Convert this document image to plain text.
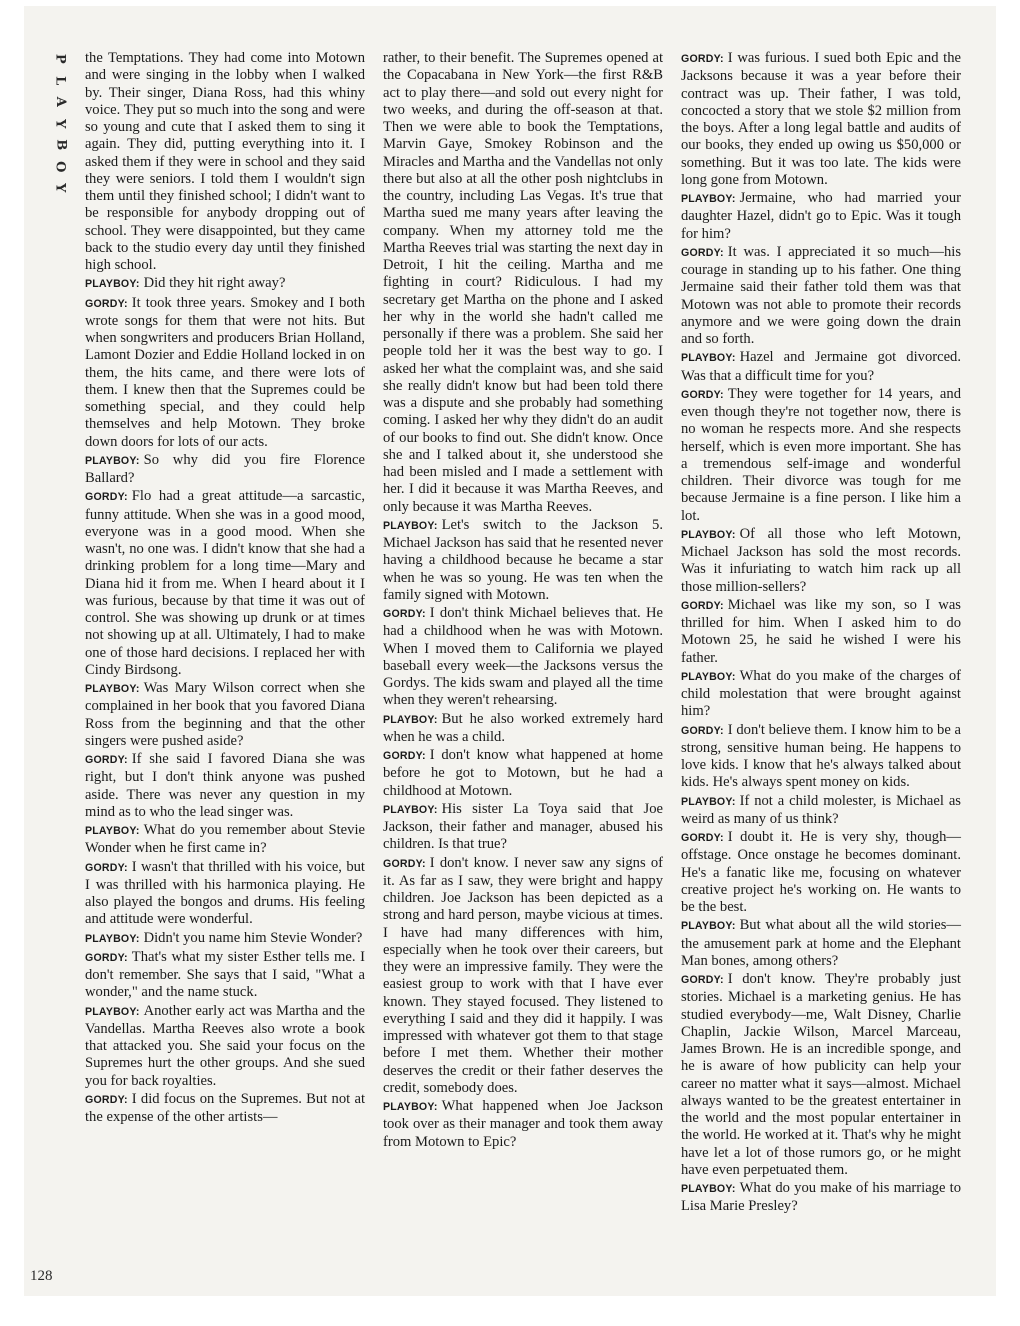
P
L
A
Y
B
O
Y

the Temptations. They had come into Motown and were singing in the lobby when I walked by. Their singer, Diana Ross, had this whiny voice. They put so much into the song and were so young and cute that I asked them to sing it again. They did, putting everything into it. I asked them if they were in school and they said they were seniors. I told them I wouldn't sign them until they finished school; I didn't want to be responsible for anybody dropping out of school. They were disappointed, but they came back to the studio every day until they finished high school.

PLAYBOY: Did they hit right away?

GORDY: It took three years. Smokey and I both wrote songs for them that were not hits. But when songwriters and producers Brian Holland, Lamont Dozier and Eddie Holland locked in on them, the hits came, and there were lots of them. I knew then that the Supremes could be something special, and they could help themselves and help Motown. They broke down doors for lots of our acts.

PLAYBOY: So why did you fire Florence Ballard?

GORDY: Flo had a great attitude—a sarcastic, funny attitude. When she was in a good mood, everyone was in a good mood. When she wasn't, no one was. I didn't know that she had a drinking problem for a long time—Mary and Diana hid it from me. When I heard about it I was furious, because by that time it was out of control. She was showing up drunk or at times not showing up at all. Ultimately, I had to make one of those hard decisions. I replaced her with Cindy Birdsong.

PLAYBOY: Was Mary Wilson correct when she complained in her book that you favored Diana Ross from the beginning and that the other singers were pushed aside?

GORDY: If she said I favored Diana she was right, but I don't think anyone was pushed aside. There was never any question in my mind as to who the lead singer was.

PLAYBOY: What do you remember about Stevie Wonder when he first came in?

GORDY: I wasn't that thrilled with his voice, but I was thrilled with his harmonica playing. He also played the bongos and drums. His feeling and attitude were wonderful.

PLAYBOY: Didn't you name him Stevie Wonder?

GORDY: That's what my sister Esther tells me. I don't remember. She says that I said, "What a wonder," and the name stuck.

PLAYBOY: Another early act was Martha and the Vandellas. Martha Reeves also wrote a book that attacked you. She said your focus on the Supremes hurt the other groups. And she sued you for back royalties.

GORDY: I did focus on the Supremes. But not at the expense of the other artists—

rather, to their benefit. The Supremes opened at the Copacabana in New York—the first R&B act to play there—and sold out every night for two weeks, and during the off-season at that. Then we were able to book the Temptations, Marvin Gaye, Smokey Robinson and the Miracles and Martha and the Vandellas not only there but also at all the other posh nightclubs in the country, including Las Vegas. It's true that Martha sued me many years after leaving the company. When my attorney told me the Martha Reeves trial was starting the next day in Detroit, I hit the ceiling. Martha and me fighting in court? Ridiculous. I had my secretary get Martha on the phone and I asked her why in the world she hadn't called me personally if there was a problem. She said her people told her it was the best way to go. I asked her what the complaint was, and she said she really didn't know but had been told there was a dispute and she probably had something coming. I asked her why they didn't do an audit of our books to find out. She didn't know. Once she and I talked about it, she understood she had been misled and I made a settlement with her. I did it because it was Martha Reeves, and only because it was Martha Reeves.

PLAYBOY: Let's switch to the Jackson 5. Michael Jackson has said that he resented never having a childhood because he became a star when he was so young. He was ten when the family signed with Motown.

GORDY: I don't think Michael believes that. He had a childhood when he was with Motown. When I moved them to California we played baseball every week—the Jacksons versus the Gordys. The kids swam and played all the time when they weren't rehearsing.

PLAYBOY: But he also worked extremely hard when he was a child.

GORDY: I don't know what happened at home before he got to Motown, but he had a childhood at Motown.

PLAYBOY: His sister La Toya said that Joe Jackson, their father and manager, abused his children. Is that true?

GORDY: I don't know. I never saw any signs of it. As far as I saw, they were bright and happy children. Joe Jackson has been depicted as a strong and hard person, maybe vicious at times. I have had many differences with him, especially when he took over their careers, but they were an impressive family. They were the easiest group to work with that I have ever known. They stayed focused. They listened to everything I said and they did it happily. I was impressed with whatever got them to that stage before I met them. Whether their mother deserves the credit or their father deserves the credit, somebody does.

PLAYBOY: What happened when Joe Jackson took over as their manager and took them away from Motown to Epic?

GORDY: I was furious. I sued both Epic and the Jacksons because it was a year before their contract was up. Their father, I was told, concocted a story that we stole $2 million from the boys. After a long legal battle and audits of our books, they ended up owing us $50,000 or something. But it was too late. The kids were long gone from Motown.

PLAYBOY: Jermaine, who had married your daughter Hazel, didn't go to Epic. Was it tough for him?

GORDY: It was. I appreciated it so much—his courage in standing up to his father. One thing Jermaine said their father told them was that Motown was not able to promote their records anymore and we were going down the drain and so forth.

PLAYBOY: Hazel and Jermaine got divorced. Was that a difficult time for you?

GORDY: They were together for 14 years, and even though they're not together now, there is no woman he respects more. And she respects herself, which is even more important. She has a tremendous self-image and wonderful children. Their divorce was tough for me because Jermaine is a fine person. I like him a lot.

PLAYBOY: Of all those who left Motown, Michael Jackson has sold the most records. Was it infuriating to watch him rack up all those million-sellers?

GORDY: Michael was like my son, so I was thrilled for him. When I asked him to do Motown 25, he said he wished I were his father.

PLAYBOY: What do you make of the charges of child molestation that were brought against him?

GORDY: I don't believe them. I know him to be a strong, sensitive human being. He happens to love kids. I know that he's always talked about kids. He's always spent money on kids.

PLAYBOY: If not a child molester, is Michael as weird as many of us think?

GORDY: I doubt it. He is very shy, though—offstage. Once onstage he becomes dominant. He's a fanatic like me, focusing on whatever creative project he's working on. He wants to be the best.

PLAYBOY: But what about all the wild stories—the amusement park at home and the Elephant Man bones, among others?

GORDY: I don't know. They're probably just stories. Michael is a marketing genius. He has studied everybody—me, Walt Disney, Charlie Chaplin, Jackie Wilson, Marcel Marceau, James Brown. He is an incredible sponge, and he is aware of how publicity can help your career no matter what it says—almost. Michael always wanted to be the greatest entertainer in the world and the most popular entertainer in the world. He worked at it. That's why he might have let a lot of those rumors go, or he might have even perpetuated them.

PLAYBOY: What do you make of his marriage to Lisa Marie Presley?

128
